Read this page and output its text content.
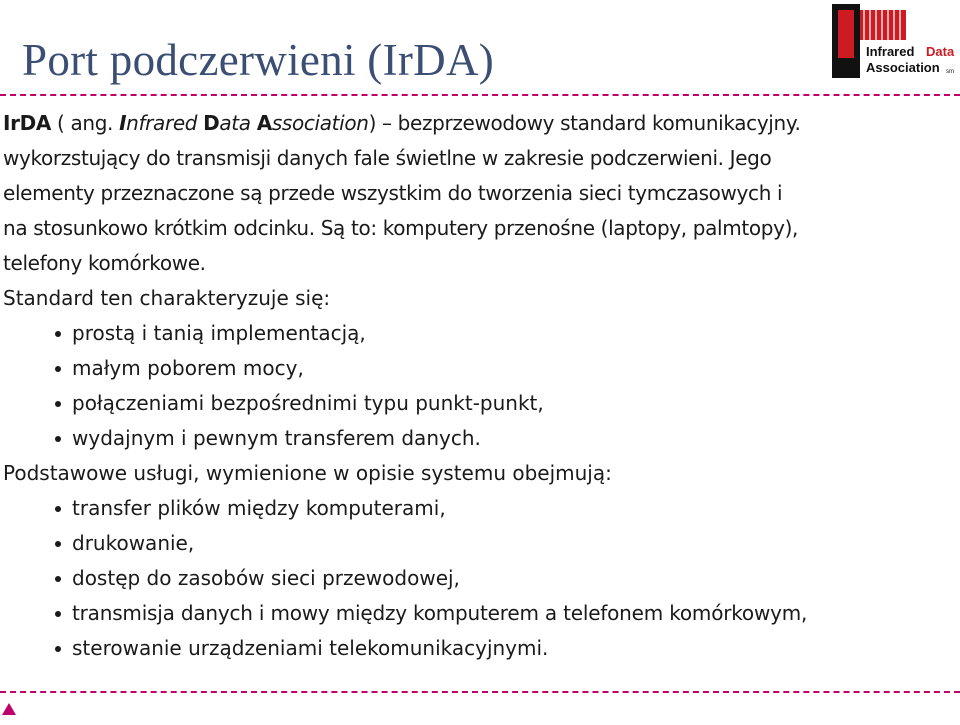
Port podczerwieni (IrDA)	Infrared Data
Association sm
IrDA ( ang. Infrared Data Association) – bezprzewodowy standard komunikacyjny.
wykorzstujący do transmisji danych fale świetlne w zakresie podczerwieni. Jego
elementy przeznaczone są przede wszystkim do tworzenia sieci tymczasowych i
na stosunkowo krótkim odcinku. Są to: komputery przenośne (laptopy, palmtopy),
telefony komórkowe.
Standard ten charakteryzuje się:
prostą i tanią implementacją,
małym poborem mocy,
połączeniami bezpośrednimi typu punkt-punkt,
wydajnym i pewnym transferem danych.
Podstawowe usługi, wymienione w opisie systemu obejmują:
transfer plików między komputerami,
drukowanie,
dostęp do zasobów sieci przewodowej,
transmisja danych i mowy między komputerem a telefonem komórkowym,
sterowanie urządzeniami telekomunikacyjnymi.
